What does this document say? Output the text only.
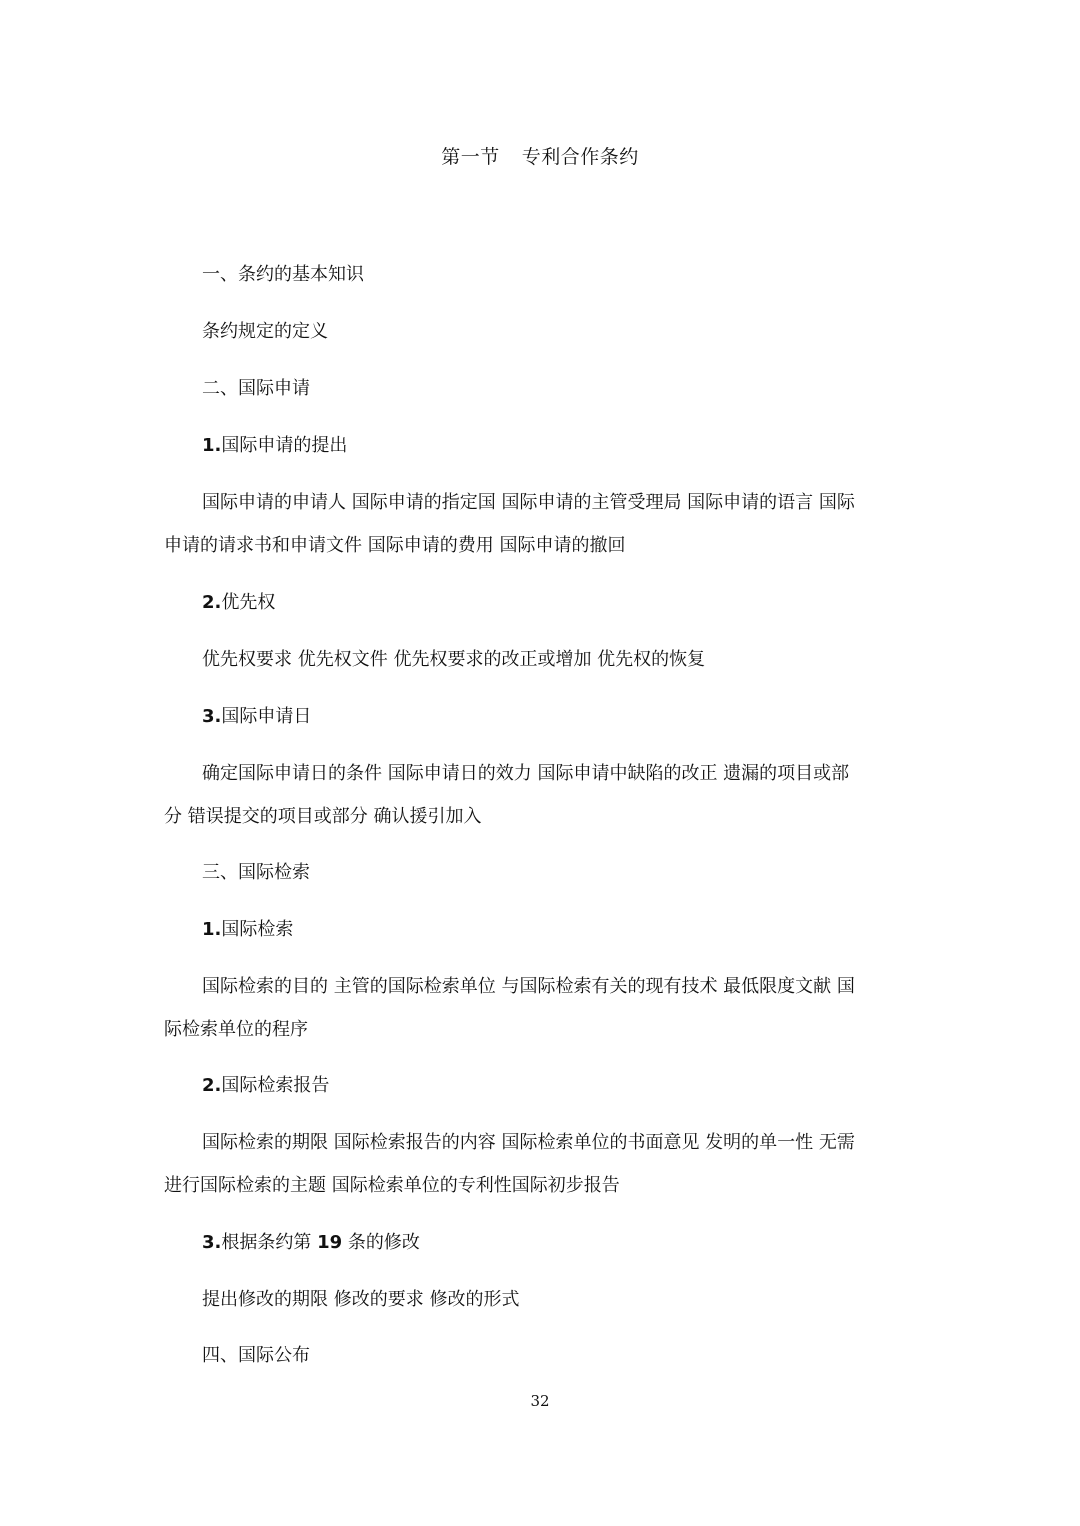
第一节 专利合作条约
一、条约的基本知识
条约规定的定义
二、国际申请
1.国际申请的提出
国际申请的申请人 国际申请的指定国 国际申请的主管受理局 国际申请的语言 国际
申请的请求书和申请文件 国际申请的费用 国际申请的撤回
2.优先权
优先权要求 优先权文件 优先权要求的改正或增加 优先权的恢复
3.国际申请日
确定国际申请日的条件 国际申请日的效力 国际申请中缺陷的改正 遗漏的项目或部
分 错误提交的项目或部分 确认援引加入
三、国际检索
1.国际检索
国际检索的目的 主管的国际检索单位 与国际检索有关的现有技术 最低限度文献 国
际检索单位的程序
2.国际检索报告
国际检索的期限 国际检索报告的内容 国际检索单位的书面意见 发明的单一性 无需
进行国际检索的主题 国际检索单位的专利性国际初步报告
3.根据条约第 19 条的修改
提出修改的期限 修改的要求 修改的形式
四、国际公布
32
